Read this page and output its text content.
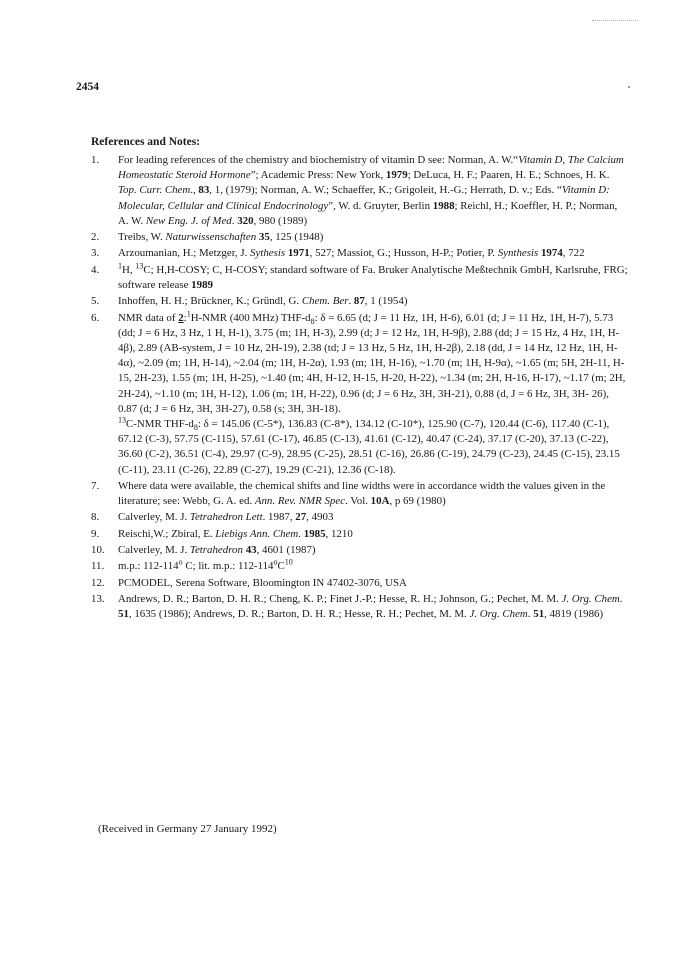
2454
References and Notes:
1. For leading references of the chemistry and biochemistry of vitamin D see: Norman, A. W.“Vitamin D, The Calcium Homeostatic Steroid Hormone”; Academic Press: New York, 1979; DeLuca, H. F.; Paaren, H. E.; Schnoes, H. K. Top. Curr. Chem., 83, 1, (1979); Norman, A. W.; Schaeffer, K.; Grigoleit, H.-G.; Herrath, D. v.; Eds. “Vitamin D: Molecular, Cellular and Clinical Endocrinology”, W. d. Gruyter, Berlin 1988; Reichl, H.; Koeffler, H. P.; Norman, A. W. New Eng. J. of Med. 320, 980 (1989)
2. Treibs, W. Naturwissenschaften 35, 125 (1948)
3. Arzoumanian, H.; Metzger, J. Sythesis 1971, 527; Massiot, G.; Husson, H-P.; Potier, P. Synthesis 1974, 722
4. $^1$H, $^{13}$C; H,H-COSY; C, H-COSY; standard software of Fa. Bruker Analytische Meßtechnik GmbH, Karlsruhe, FRG; software release 1989
5. Inhoffen, H. H.; Brückner, K.; Gründl, G. Chem. Ber. 87, 1 (1954)
6. NMR data of 2:$^1$H-NMR (400 MHz) THF-$d_8$: δ = 6.65 (d; J = 11 Hz, 1H, H-6), 6.01 (d; J = 11 Hz, 1H, H-7), 5.73 (dd; J = 6 Hz, 3 Hz, 1 H, H-1), 3.75 (m; 1H, H-3), 2.99 (d; J = 12 Hz, 1H, H-9β), 2.88 (dd; J = 15 Hz, 4 Hz, 1H, H-4β), 2.89 (AB-system, J = 10 Hz, 2H-19), 2.38 (td; J = 13 Hz, 5 Hz, 1H, H-2β), 2.18 (dd, J = 14 Hz, 12 Hz, 1H, H-4α), ~2.09 (m; 1H, H-14), ~2.04 (m; 1H, H-2α), 1.93 (m; 1H, H-16), ~1.70 (m; 1H, H-9α), ~1.65 (m; 5H, 2H-11, H-15, 2H-23), 1.55 (m; 1H, H-25), ~1.40 (m; 4H, H-12, H-15, H-20, H-22), ~1.34 (m; 2H, H-16, H-17), ~1.17 (m; 2H, 2H-24), ~1.10 (m; 1H, H-12), 1.06 (m; 1H, H-22), 0.96 (d; J = 6 Hz, 3H, 3H-21), 0.88 (d, J = 6 Hz, 3H, 3H- 26), 0.87 (d; J = 6 Hz, 3H, 3H-27), 0.58 (s; 3H, 3H-18).
$^{13}$C-NMR THF-$d_8$: δ = 145.06 (C-5*), 136.83 (C-8*), 134.12 (C-10*), 125.90 (C-7), 120.44 (C-6), 117.40 (C-1), 67.12 (C-3), 57.75 (C-115), 57.61 (C-17), 46.85 (C-13), 41.61 (C-12), 40.47 (C-24), 37.17 (C-20), 37.13 (C-22), 36.60 (C-2), 36.51 (C-4), 29.97 (C-9), 28.95 (C-25), 28.51 (C-16), 26.86 (C-19), 24.79 (C-23), 24.45 (C-15), 23.15 (C-11), 23.11 (C-26), 22.89 (C-27), 19.29 (C-21), 12.36 (C-18).
7. Where data were available, the chemical shifts and line widths were in accordance width the values given in the literature; see: Webb, G. A. ed. Ann. Rev. NMR Spec. Vol. 10A, p 69 (1980)
8. Calverley, M. J. Tetrahedron Lett. 1987, 27, 4903
9. Reischi,W.; Zbiral, E. Liebigs Ann. Chem. 1985, 1210
10. Calverley, M. J. Tetrahedron 43, 4601 (1987)
11. m.p.: 112-114$^o$ C; lit. m.p.: $112-114^oC^{10}$
12. PCMODEL, Serena Software, Bloomington IN 47402-3076, USA
13. Andrews, D. R.; Barton, D. H. R.; Cheng, K. P.; Finet J.-P.; Hesse, R. H.; Johnson, G.; Pechet, M. M. J. Org. Chem. 51, 1635 (1986); Andrews, D. R.; Barton, D. H. R.; Hesse, R. H.; Pechet, M. M. J. Org. Chem. 51, 4819 (1986)
(Received in Germany 27 January 1992)
